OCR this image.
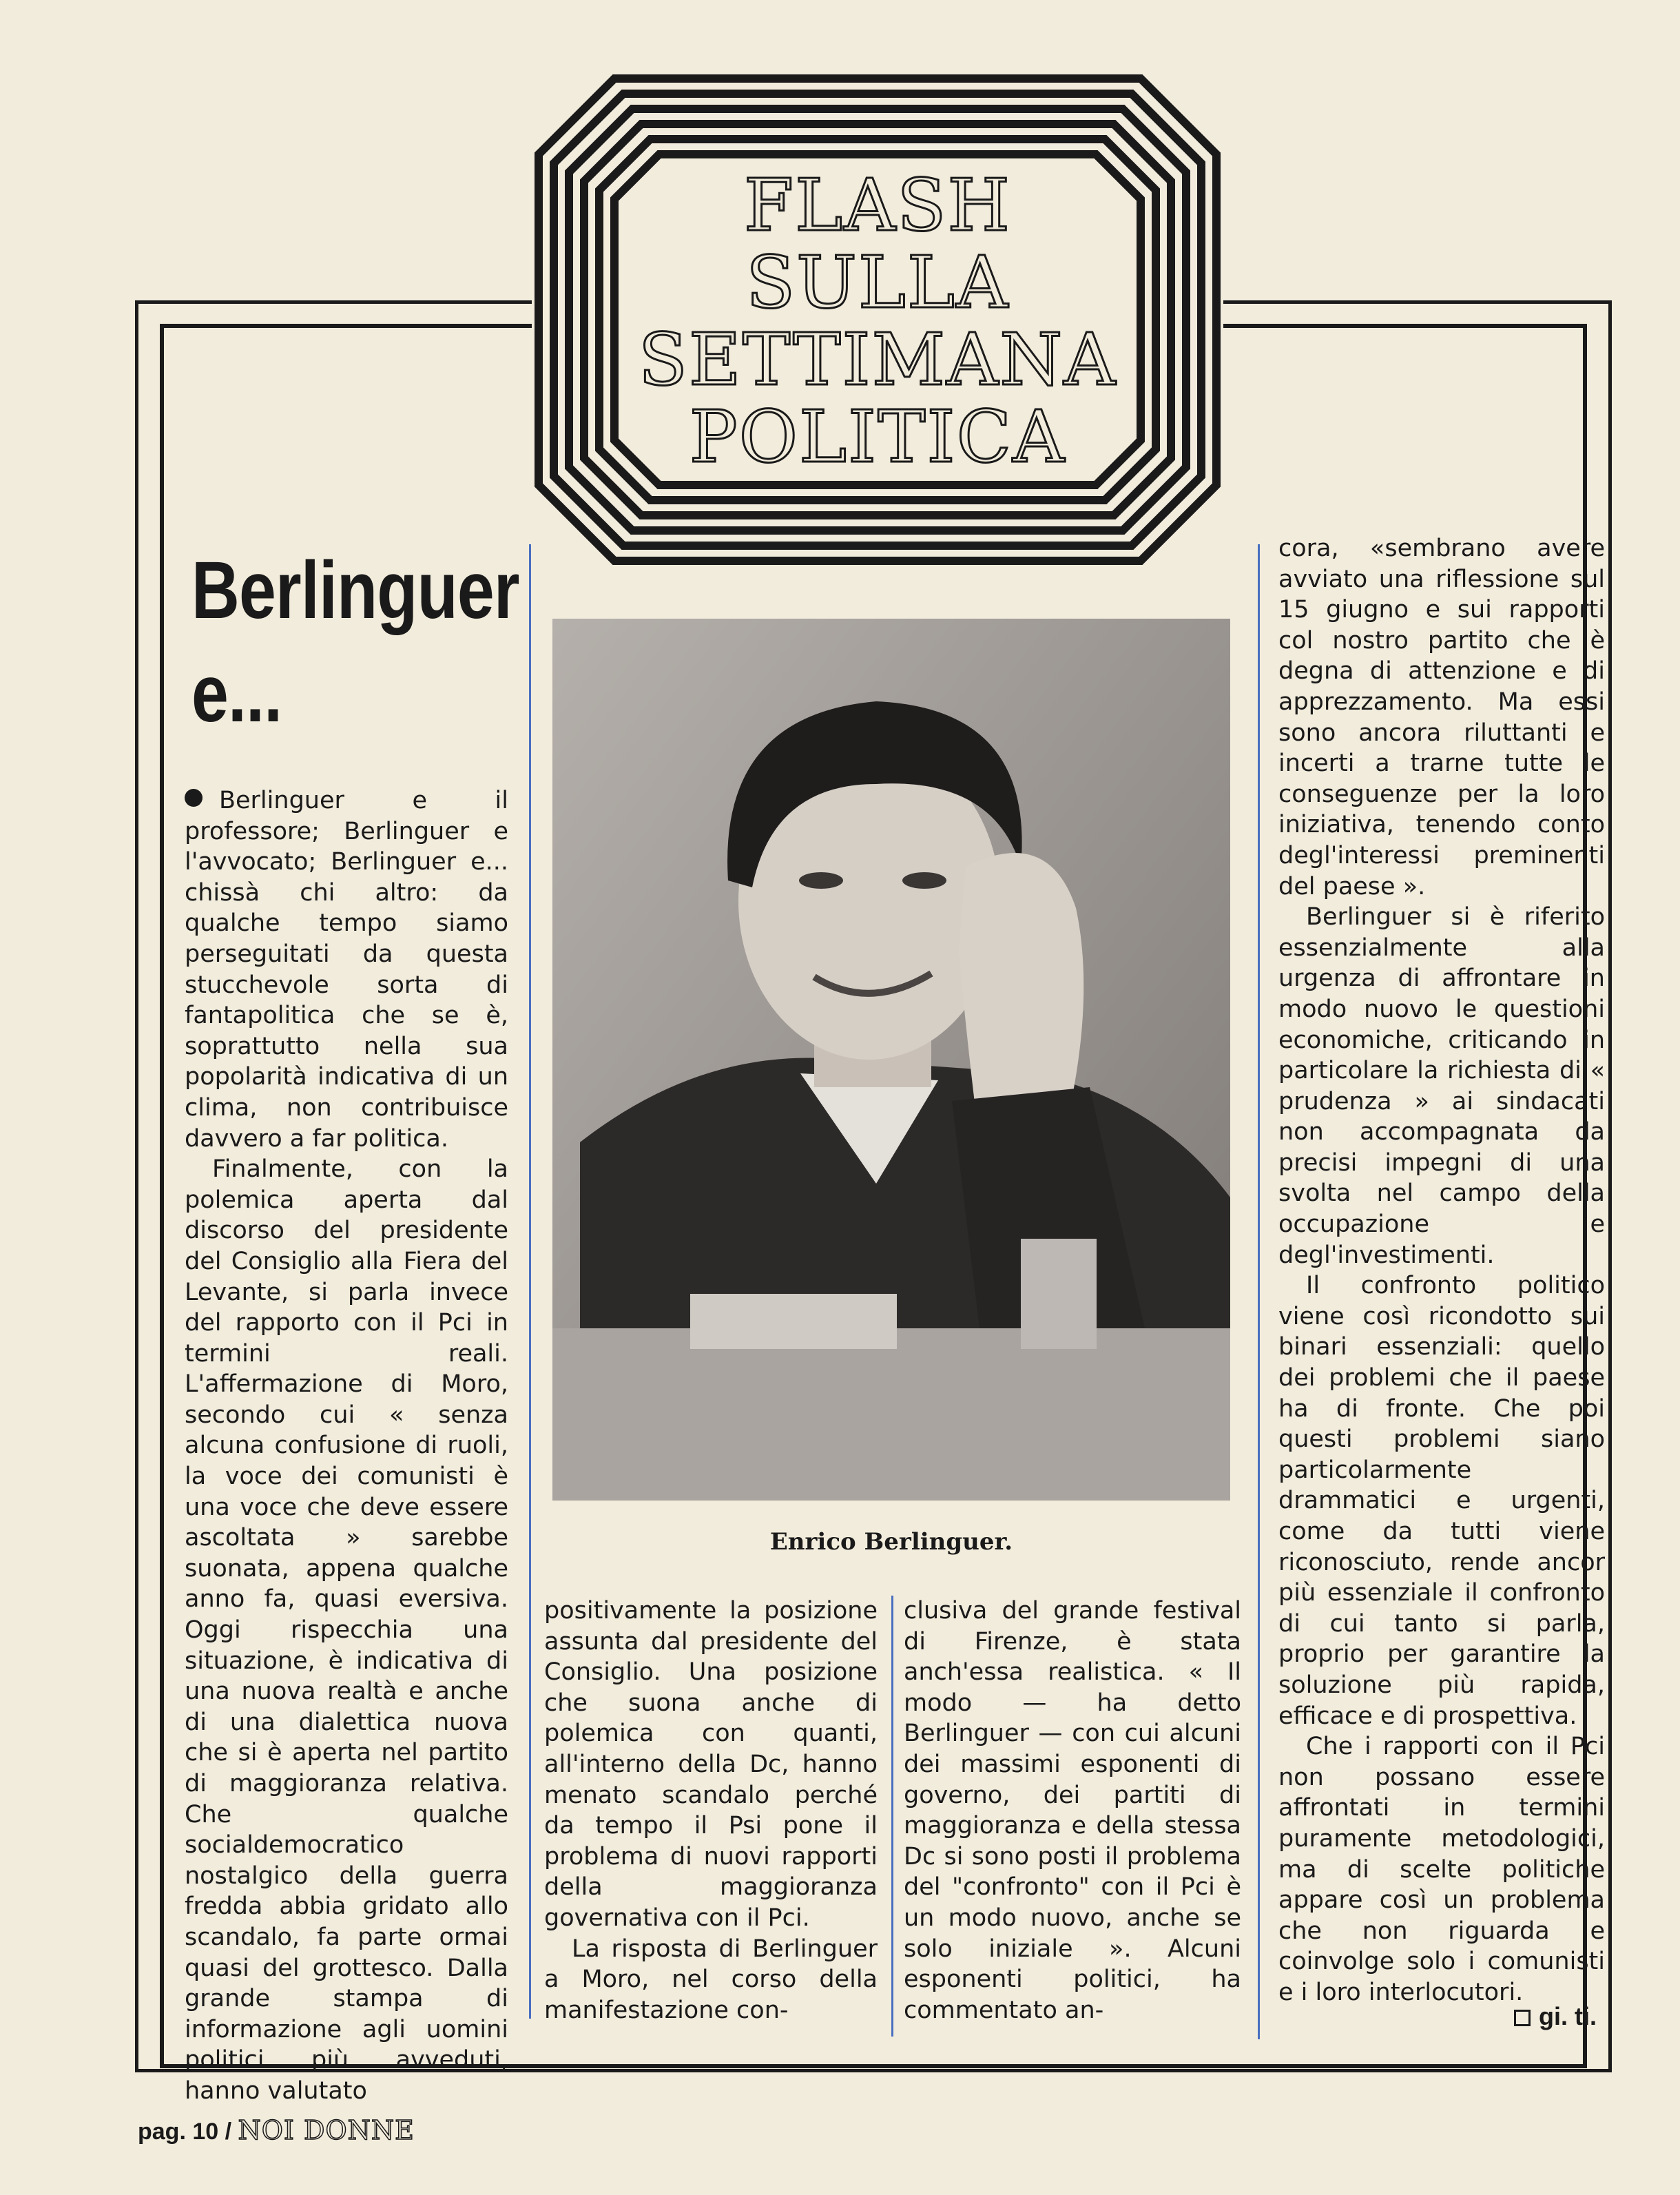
FLASH
SULLA
SETTIMANA
POLITICA
Berlinguer
e...

Berlinguer e il professore; Berlinguer e l'avvocato; Berlinguer e... chissà chi altro: da qualche tempo siamo perseguitati da questa stucchevole sorta di fantapolitica che se è, soprattutto nella sua popolarità indicativa di un clima, non contribuisce davvero a far politica.

Finalmente, con la polemica aperta dal discorso del presidente del Consiglio alla Fiera del Levante, si parla invece del rapporto con il Pci in termini reali. L'affermazione di Moro, secondo cui « senza alcuna confusione di ruoli, la voce dei comunisti è una voce che deve essere ascoltata » sarebbe suonata, appena qualche anno fa, quasi eversiva. Oggi rispecchia una situazione, è indicativa di una nuova realtà e anche di una dialettica nuova che si è aperta nel partito di maggioranza relativa. Che qualche socialdemocratico nostalgico della guerra fredda abbia gridato allo scandalo, fa parte ormai quasi del grottesco. Dalla grande stampa di informazione agli uomini politici più avveduti, hanno valutato

Enrico Berlinguer.

positivamente la posizione assunta dal presidente del Consiglio. Una posizione che suona anche di polemica con quanti, all'interno della Dc, hanno menato scandalo perché da tempo il Psi pone il problema di nuovi rapporti della maggioranza governativa con il Pci.

La risposta di Berlinguer a Moro, nel corso della manifestazione con-

clusiva del grande festival di Firenze, è stata anch'essa realistica. « Il modo — ha detto Berlinguer — con cui alcuni dei massimi esponenti di governo, dei partiti di maggioranza e della stessa Dc si sono posti il problema del "confronto" con il Pci è un modo nuovo, anche se solo iniziale ». Alcuni esponenti politici, ha commentato an-

cora, «sembrano avere avviato una riflessione sul 15 giugno e sui rapporti col nostro partito che è degna di attenzione e di apprezzamento. Ma essi sono ancora riluttanti e incerti a trarne tutte le conseguenze per la loro iniziativa, tenendo conto degl'interessi preminenti del paese ».

Berlinguer si è riferito essenzialmente alla urgenza di affrontare in modo nuovo le questioni economiche, criticando in particolare la richiesta di « prudenza » ai sindacati non accompagnata da precisi impegni di una svolta nel campo della occupazione e degl'investimenti.

Il confronto politico viene così ricondotto sui binari essenziali: quello dei problemi che il paese ha di fronte. Che poi questi problemi siano particolarmente drammatici e urgenti, come da tutti viene riconosciuto, rende ancor più essenziale il confronto di cui tanto si parla, proprio per garantire la soluzione più rapida, efficace e di prospettiva.

Che i rapporti con il Pci non possano essere affrontati in termini puramente metodologici, ma di scelte politiche appare così un problema che non riguarda e coinvolge solo i comunisti e i loro interlocutori.

gi. ti.
pag. 10 / NOI DONNE
